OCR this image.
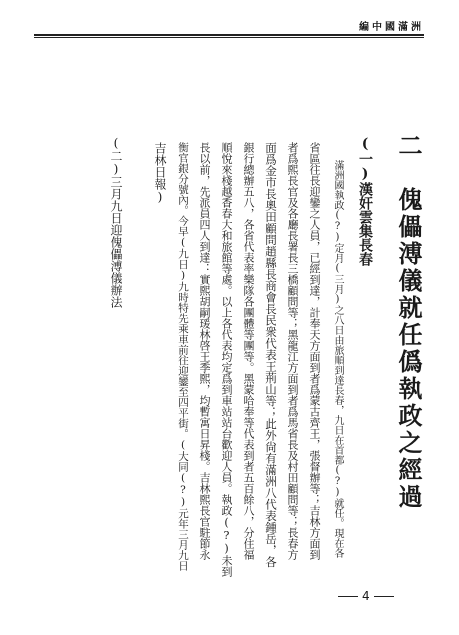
編中國滿洲
二　傀儡溥儀就任僞執政之經過
(一)漢奸雲集長春
滿洲國執政(?)定月(三月)之八日由旅順到達長春，九日在首都(?)就任。現在各
省區往長迎鑾之人員，已經到達，計奉天方面到者爲蒙古齊王，張督辦等；吉林方面到
者爲熙長官及各廳長署長三橋顧問等；黑龍江方面到者爲馬省長及村田顧問等；長春方
面爲金市長奧田顧問趙縣長商會長民衆代表王荊山等；此外尙有滿洲八代表鍾岳，各
銀行總辦五八，各省代表率樂隊各團體等團等。黑蒙哈奉等代表到者五百餘八，分住福
順悅來棧越香春大和旅館等處。以上各代表均定爲到車站站台歡迎人員。執政(?)未到
長以前，先派員四人到達：實熙胡嗣瑗林啓王季熙，均暫寓日昇棧。吉林熙長官駐節永
衡官銀分號內。今早(九日)九時特先乘車前往迎鑾至四平街。(大同(?)元年三月九日
吉林日報)
(二)三月九日迎傀儡溥儀辦法
4
